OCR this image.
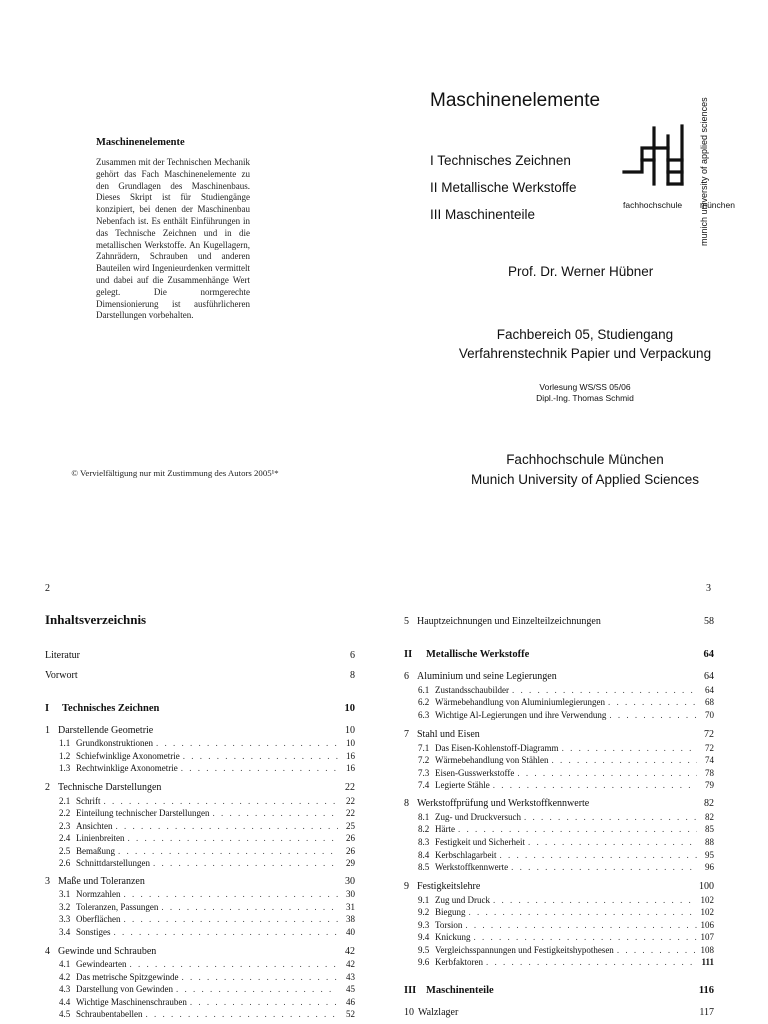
Maschinenelemente
Zusammen mit der Technischen Mechanik gehört das Fach Maschinenelemente zu den Grundlagen des Maschinenbaus. Dieses Skript ist für Studiengänge konzipiert, bei denen der Maschinenbau Nebenfach ist. Es enthält Einführungen in das Technische Zeichnen und in die metallischen Werkstoffe. An Kugellagern, Zahnrädern, Schrauben und anderen Bauteilen wird Ingenieurdenken vermittelt und dabei auf die Zusammenhänge Wert gelegt. Die normgerechte Dimensionierung ist ausführlicheren Darstellungen vorbehalten.
© Vervielfältigung nur mit Zustimmung des Autors 2005¹*
Maschinenelemente
I Technisches Zeichnen
II Metallische Werkstoffe
III Maschinenteile
fachhochschule münchen
munich university of applied sciences
Prof. Dr. Werner Hübner
Fachbereich 05, Studiengang
Verfahrenstechnik Papier und Verpackung
Vorlesung WS/SS 05/06
Dipl.-Ing. Thomas Schmid
Fachhochschule München
Munich University of Applied Sciences
2	3
Inhaltsverzeichnis
Literatur	6
Vorwort	8
I	Technisches Zeichnen	10
1 Darstellende Geometrie	10
1.1 Grundkonstruktionen . . .	10
1.2 Schiefwinklige Axonometrie . . .	16
1.3 Rechtwinklige Axonometrie . . .	16
2 Technische Darstellungen	22
2.1 Schrift . . .	22
2.2 Einteilung technischer Darstellungen . . .	22
2.3 Ansichten . . .	25
2.4 Linienbreiten . . .	26
2.5 Bemaßung . . .	26
2.6 Schnittdarstellungen . . .	29
3 Maße und Toleranzen	30
3.1 Normzahlen . . .	30
3.2 Toleranzen, Passungen . . .	31
3.3 Oberflächen . . .	38
3.4 Sonstiges . . .	40
4 Gewinde und Schrauben	42
4.1 Gewindearten . . .	42
4.2 Das metrische Spitzgewinde . . .	43
4.3 Darstellung von Gewinden . . .	45
4.4 Wichtige Maschinenschrauben . . .	46
4.5 Schraubentabellen . . .	52
5 Hauptzeichnungen und Einzelteilzeichnungen	58
II	Metallische Werkstoffe	64
6 Aluminium und seine Legierungen	64
6.1 Zustandsschaubilder . . .	64
6.2 Wärmebehandlung von Aluminiumlegierungen . . .	68
6.3 Wichtige Al-Legierungen und ihre Verwendung . . .	70
7 Stahl und Eisen	72
7.1 Das Eisen-Kohlenstoff-Diagramm . . .	72
7.2 Wärmebehandlung von Stählen . . .	74
7.3 Eisen-Gusswerkstoffe . . .	78
7.4 Legierte Stähle . . .	79
8 Werkstoffprüfung und Werkstoffkennwerte	82
8.1 Zug- und Druckversuch . . .	82
8.2 Härte . . .	85
8.3 Festigkeit und Sicherheit . . .	88
8.4 Kerbschlagarbeit . . .	95
8.5 Werkstoffkennwerte . . .	96
9 Festigkeitslehre	100
9.1 Zug und Druck . . .	102
9.2 Biegung . . .	102
9.3 Torsion . . .	106
9.4 Knickung . . .	107
9.5 Vergleichsspannungen und Festigkeitshypothesen . . .	108
9.6 Kerbfaktoren . . .	111
III Maschinenteile	116
10 Walzlager	117
